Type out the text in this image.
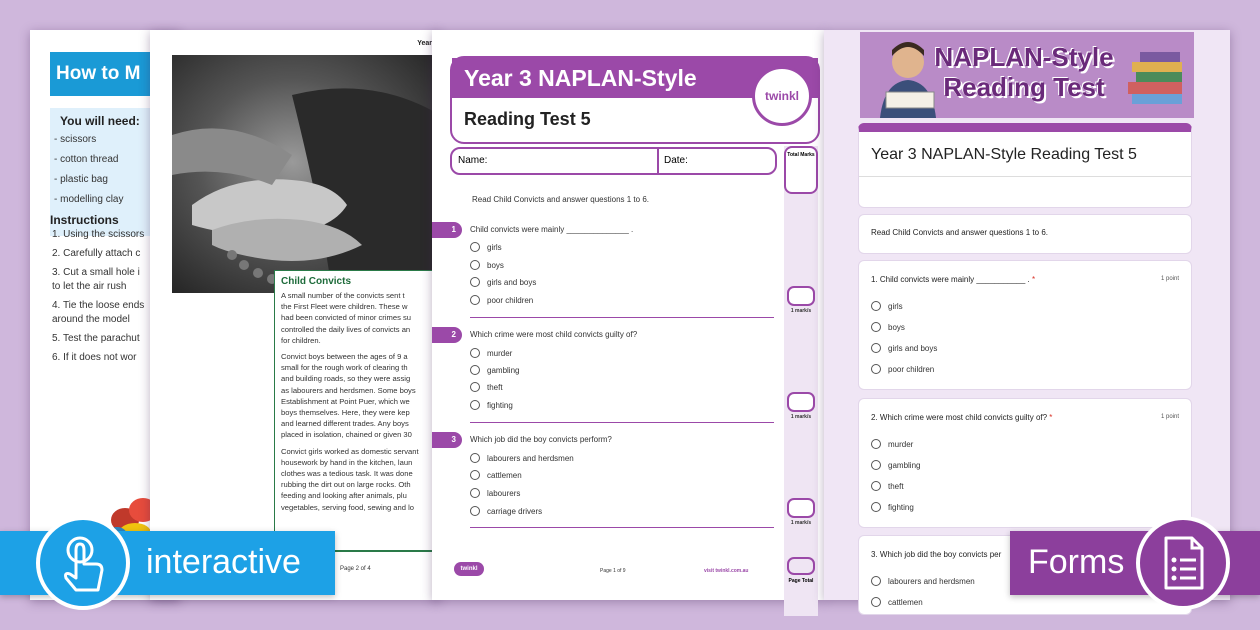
How to M
You will need:
- scissors
- cotton thread
- plastic bag
- modelling clay
Instructions
1. Using the scissors
2. Carefully attach c
3. Cut a small hole i
to let the air rush
4. Tie the loose ends
around the model
5. Test the parachut
6. If it does not wor
Year
Child Convicts

A small number of the convicts sent t
the First Fleet were children. These w
had been convicted of minor crimes su
controlled the daily lives of convicts an
for children.

Convict boys between the ages of 9 a
small for the rough work of clearing th
and building roads, so they were assig
as labourers and herdsmen. Some boys
Establishment at Point Puer, which we
boys themselves. Here, they were kep
and learned different trades. Any boys
placed in isolation, chained or given 30

Convict girls worked as domestic servant
housework by hand in the kitchen, laun
clothes was a tedious task. It was done
rubbing the dirt out on large rocks. Oth
feeding and looking after animals, plu
vegetables, serving food, sewing and lo

Page 2 of 4
Year 3 NAPLAN-Style
Reading Test 5
twinkl
Name:	Date:	Total Marks
Read Child Convicts and answer questions 1 to 6.
1	Child convicts were mainly ______________ .
girls
boys
girls and boys
poor children
1 mark/s
2	Which crime were most child convicts guilty of?
murder
gambling
theft
fighting
1 mark/s
3	Which job did the boy convicts perform?
labourers and herdsmen
cattlemen
labourers
carriage drivers
1 mark/s
twinkl	Page 1 of 9	visit twinkl.com.au
Page Total
NAPLAN-Style Reading Test
Year 3 NAPLAN-Style Reading Test 5
Read Child Convicts and answer questions 1 to 6.
1. Child convicts were mainly ___________ . *	1 point
girls
boys
girls and boys
poor children
2. Which crime were most child convicts guilty of? *	1 point
murder
gambling
theft
fighting
3. Which job did the boy convicts per
labourers and herdsmen
cattlemen
interactive	Forms
